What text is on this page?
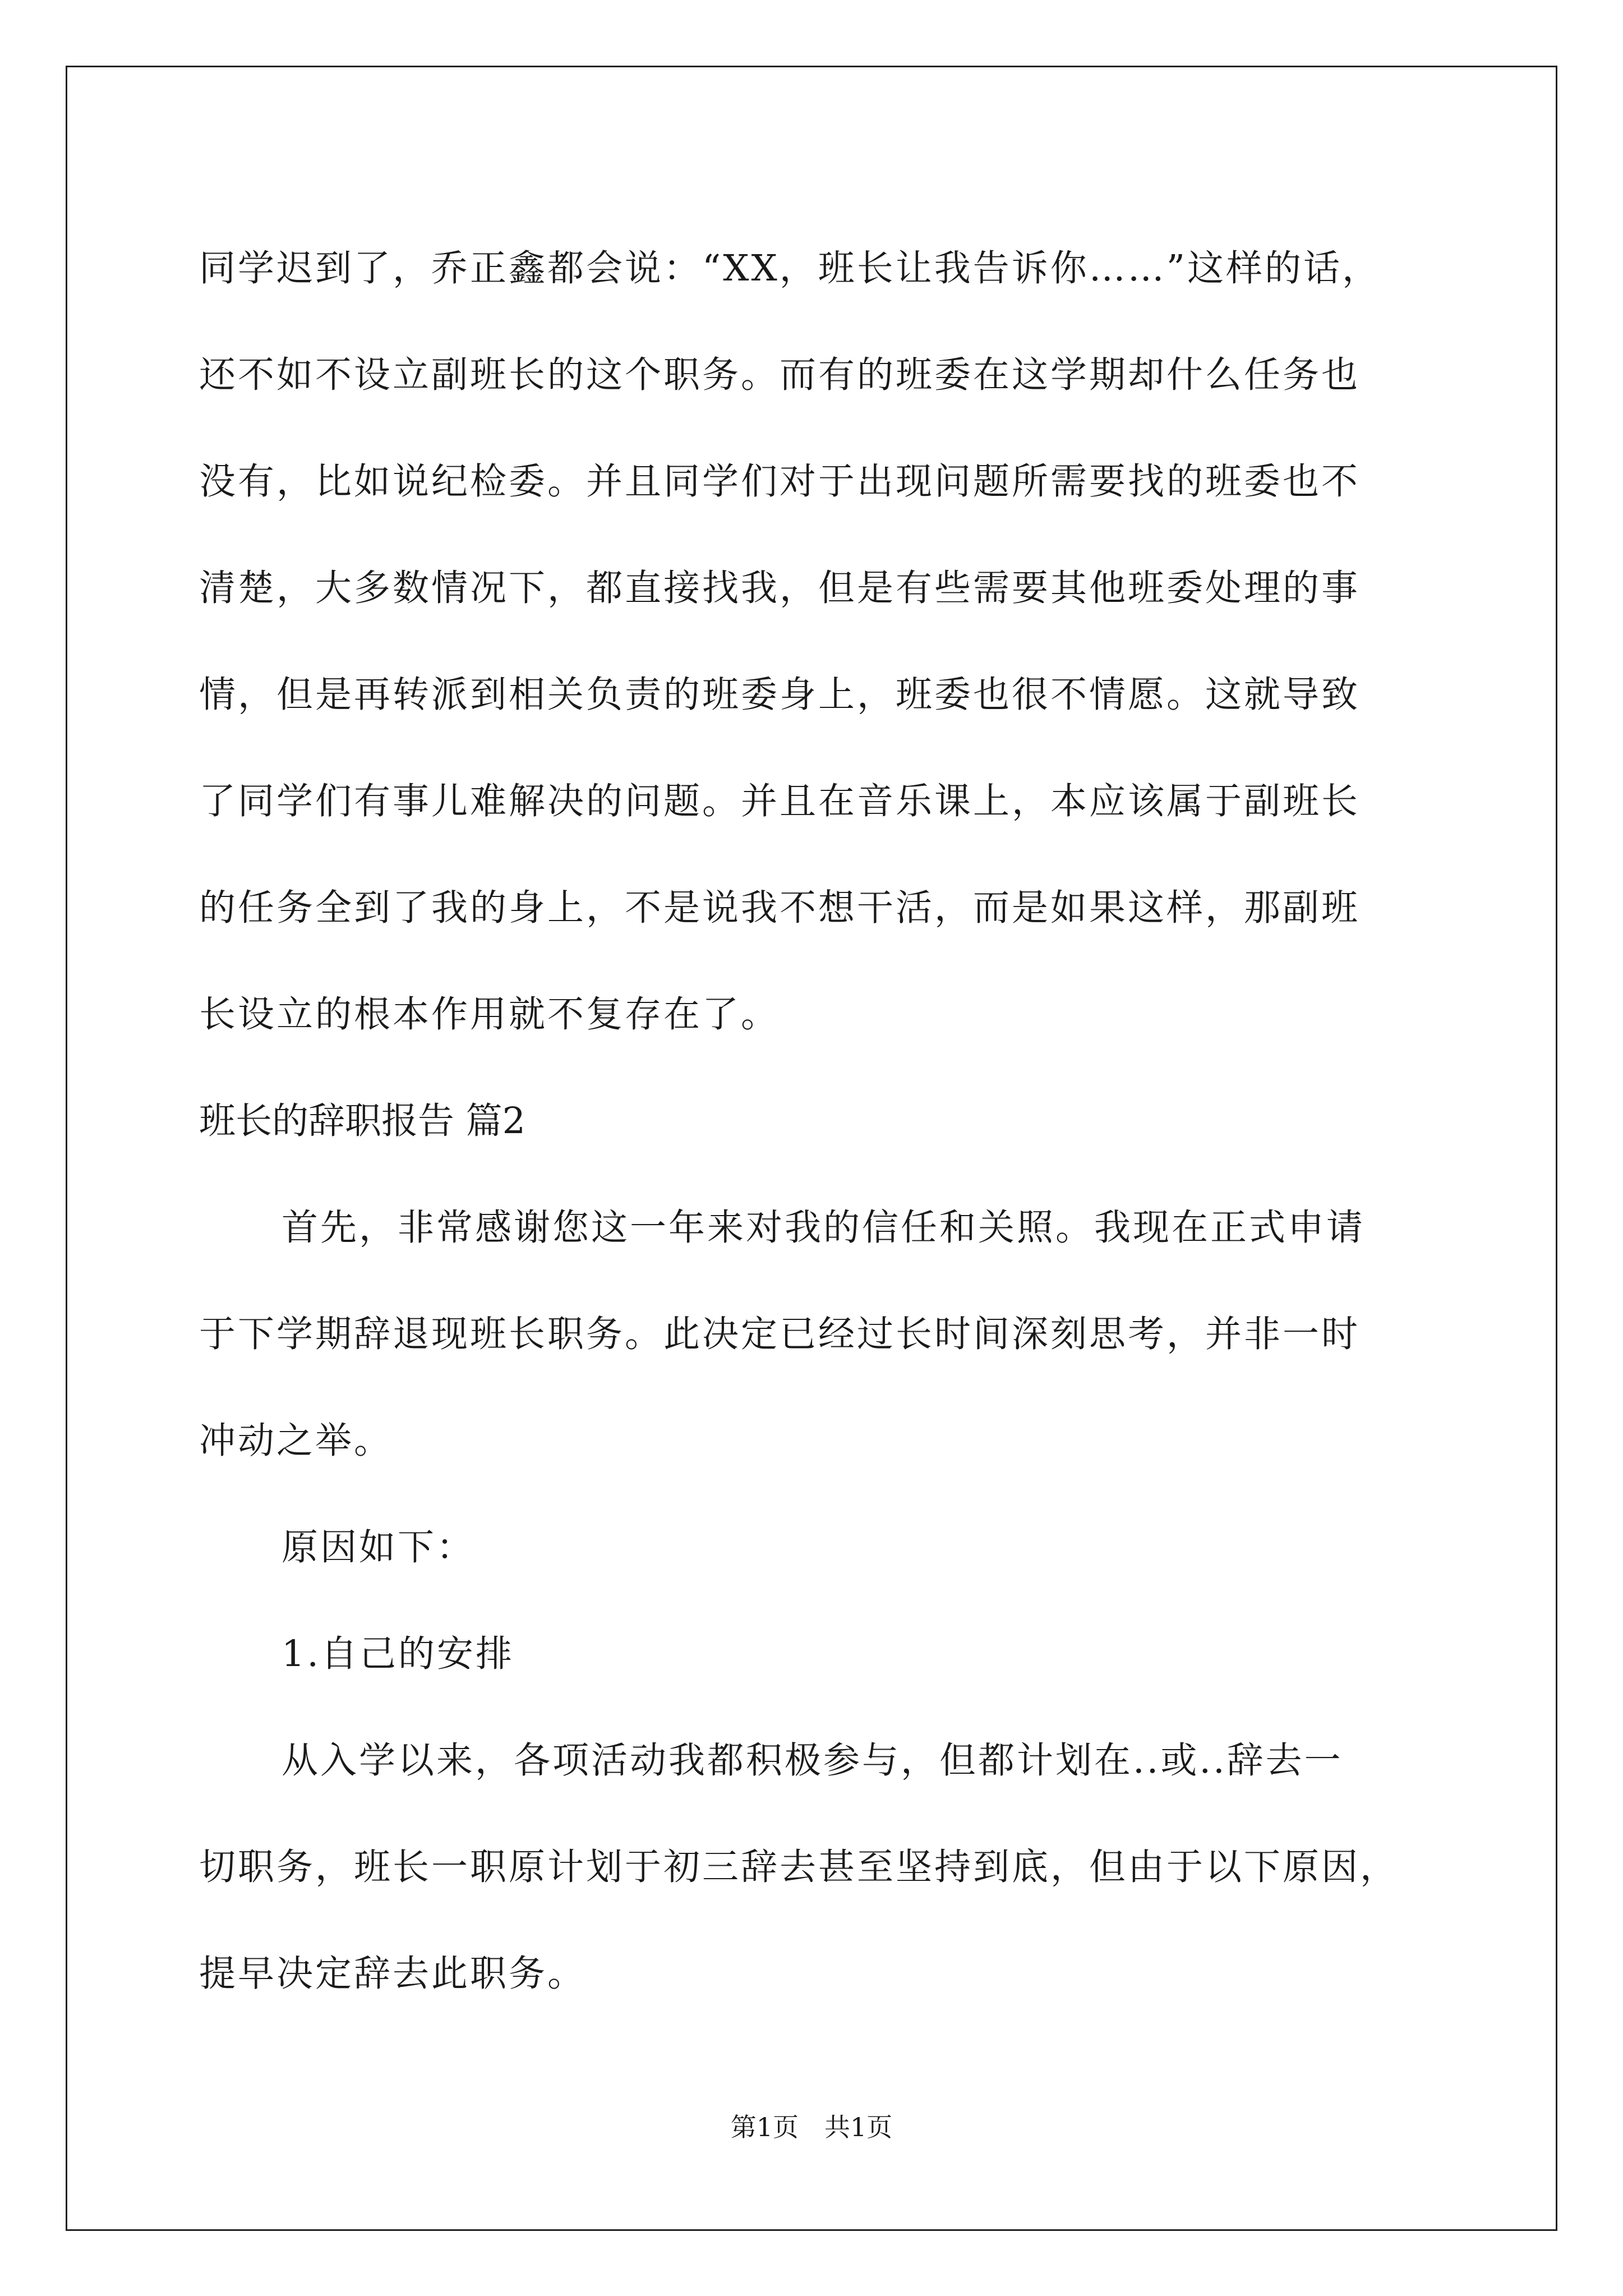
同学迟到了，乔正鑫都会说：“XX，班长让我告诉你……”这样的话，
还不如不设立副班长的这个职务。而有的班委在这学期却什么任务也
没有，比如说纪检委。并且同学们对于出现问题所需要找的班委也不
清楚，大多数情况下，都直接找我，但是有些需要其他班委处理的事
情，但是再转派到相关负责的班委身上，班委也很不情愿。这就导致
了同学们有事儿难解决的问题。并且在音乐课上，本应该属于副班长
的任务全到了我的身上，不是说我不想干活，而是如果这样，那副班
长设立的根本作用就不复存在了。
班长的辞职报告 篇2
首先，非常感谢您这一年来对我的信任和关照。我现在正式申请
于下学期辞退现班长职务。此决定已经过长时间深刻思考，并非一时
冲动之举。
原因如下：
1.自己的安排
从入学以来，各项活动我都积极参与，但都计划在..或..辞去一
切职务，班长一职原计划于初三辞去甚至坚持到底，但由于以下原因，
提早决定辞去此职务。
第1页　共1页
